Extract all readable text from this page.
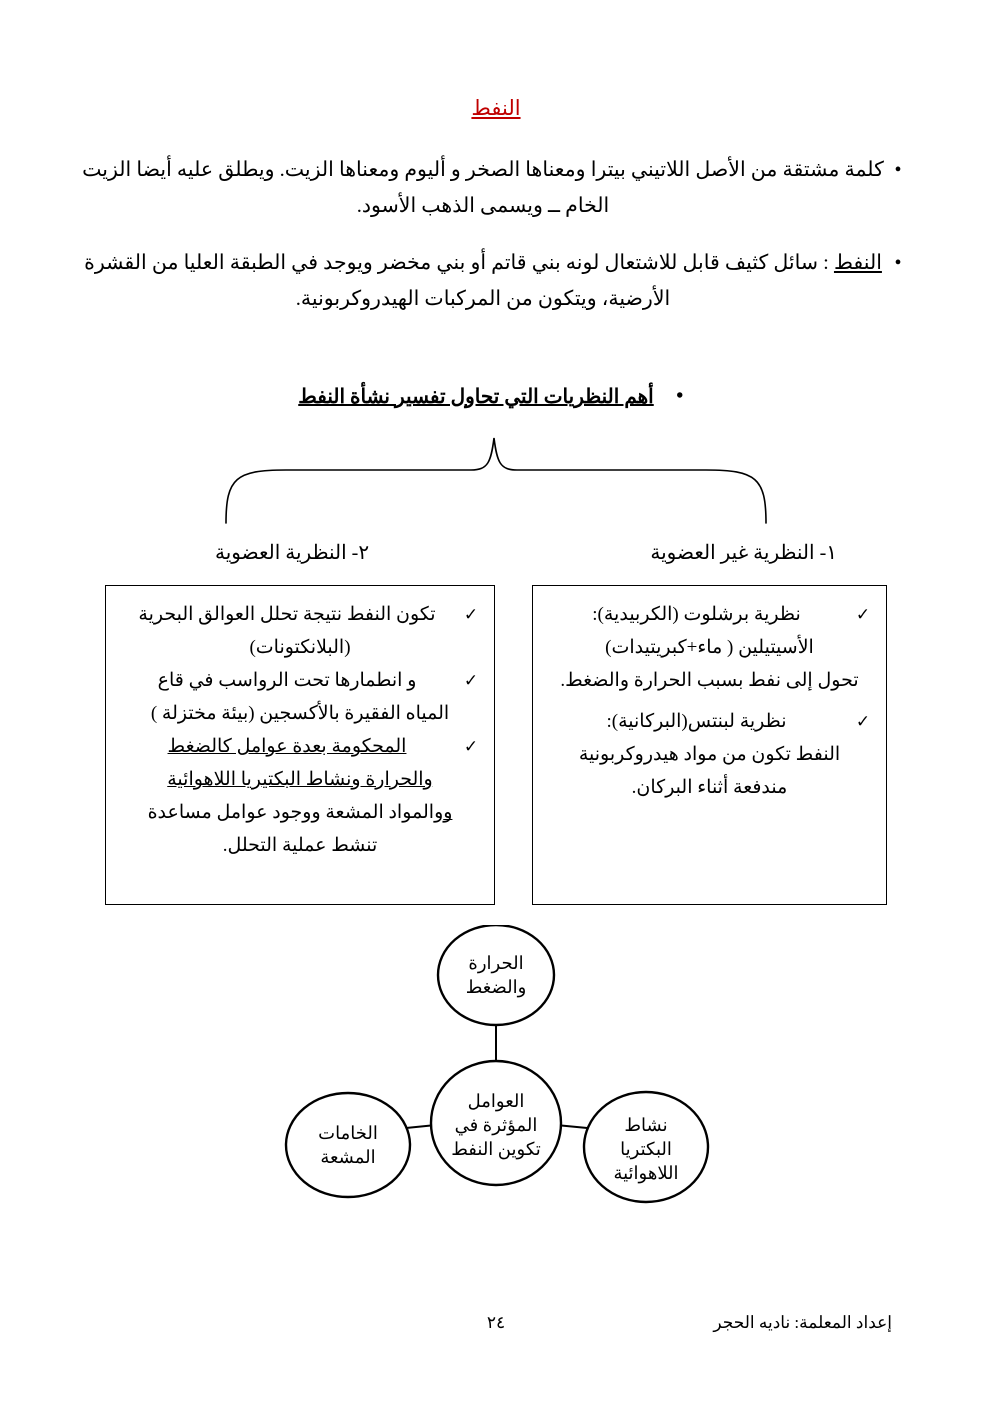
النفط
•
كلمة مشتقة من الأصل اللاتيني بيترا ومعناها الصخر و أليوم ومعناها الزيت. ويطلق عليه أيضا الزيت الخام ــ ويسمى الذهب الأسود.
•
النفط : سائل كثيف قابل للاشتعال لونه بني قاتم أو بني مخضر ويوجد في الطبقة العليا من القشرة الأرضية، ويتكون من المركبات الهيدروكربونية.
•
أهم النظريات التي تحاول تفسير نشأة النفط
١- النظرية غير العضوية
٢- النظرية العضوية
✓
نظرية برشلوت (الكربيدية):
الأسيتيلين ( ماء+كبريتيدات)
تحول إلى نفط بسبب الحرارة والضغط.
✓
نظرية لبنتس(البركانية):
النفط تكون من مواد هيدروكربونية
مندفعة أثناء البركان.
✓
تكون النفط نتيجة تحلل العوالق البحرية
(البلانكتونات)
✓
و انطمارها تحت الرواسب في قاع
المياه الفقيرة بالأكسجين (بيئة مختزلة )
✓
المحكومة بعدة عوامل كالضغط
والحرارة ونشاط البكتيريا اللاهوائية
ووالمواد المشعة ووجود عوامل مساعدة
تنشط عملية التحلل.
العوامل
المؤثرة في
تكوين النفط
الحرارة
والضغط
الخامات
المشعة
نشاط
البكتريا
اللاهوائية
إعداد المعلمة: ناديه الحجر
٢٤
